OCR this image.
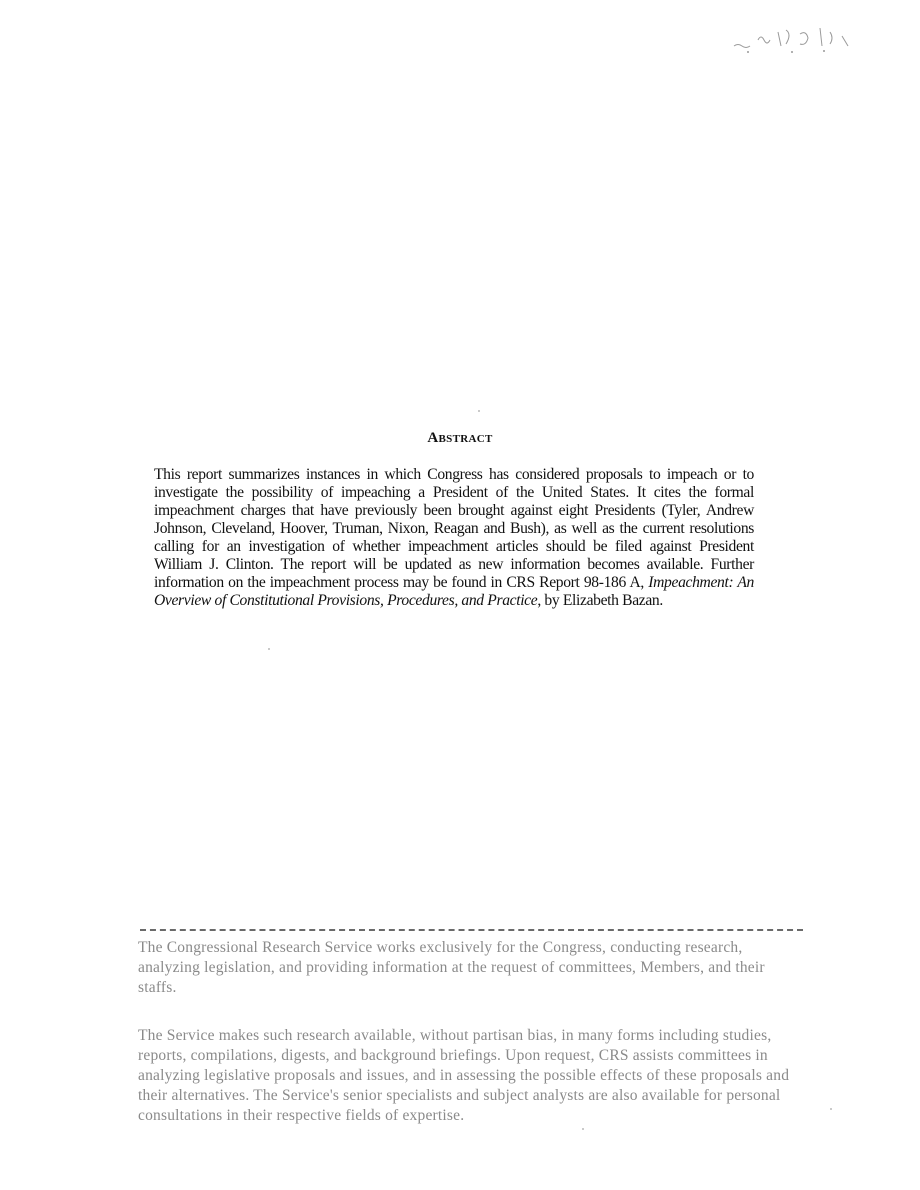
Abstract
This report summarizes instances in which Congress has considered proposals to impeach or to investigate the possibility of impeaching a President of the United States. It cites the formal impeachment charges that have previously been brought against eight Presidents (Tyler, Andrew Johnson, Cleveland, Hoover, Truman, Nixon, Reagan and Bush), as well as the current resolutions calling for an investigation of whether impeachment articles should be filed against President William J. Clinton. The report will be updated as new information becomes available. Further information on the impeachment process may be found in CRS Report 98-186 A, Impeachment: An Overview of Constitutional Provisions, Procedures, and Practice, by Elizabeth Bazan.
The Congressional Research Service works exclusively for the Congress, conducting research, analyzing legislation, and providing information at the request of committees, Members, and their staffs.
The Service makes such research available, without partisan bias, in many forms including studies, reports, compilations, digests, and background briefings. Upon request, CRS assists committees in analyzing legislative proposals and issues, and in assessing the possible effects of these proposals and their alternatives. The Service's senior specialists and subject analysts are also available for personal consultations in their respective fields of expertise.
